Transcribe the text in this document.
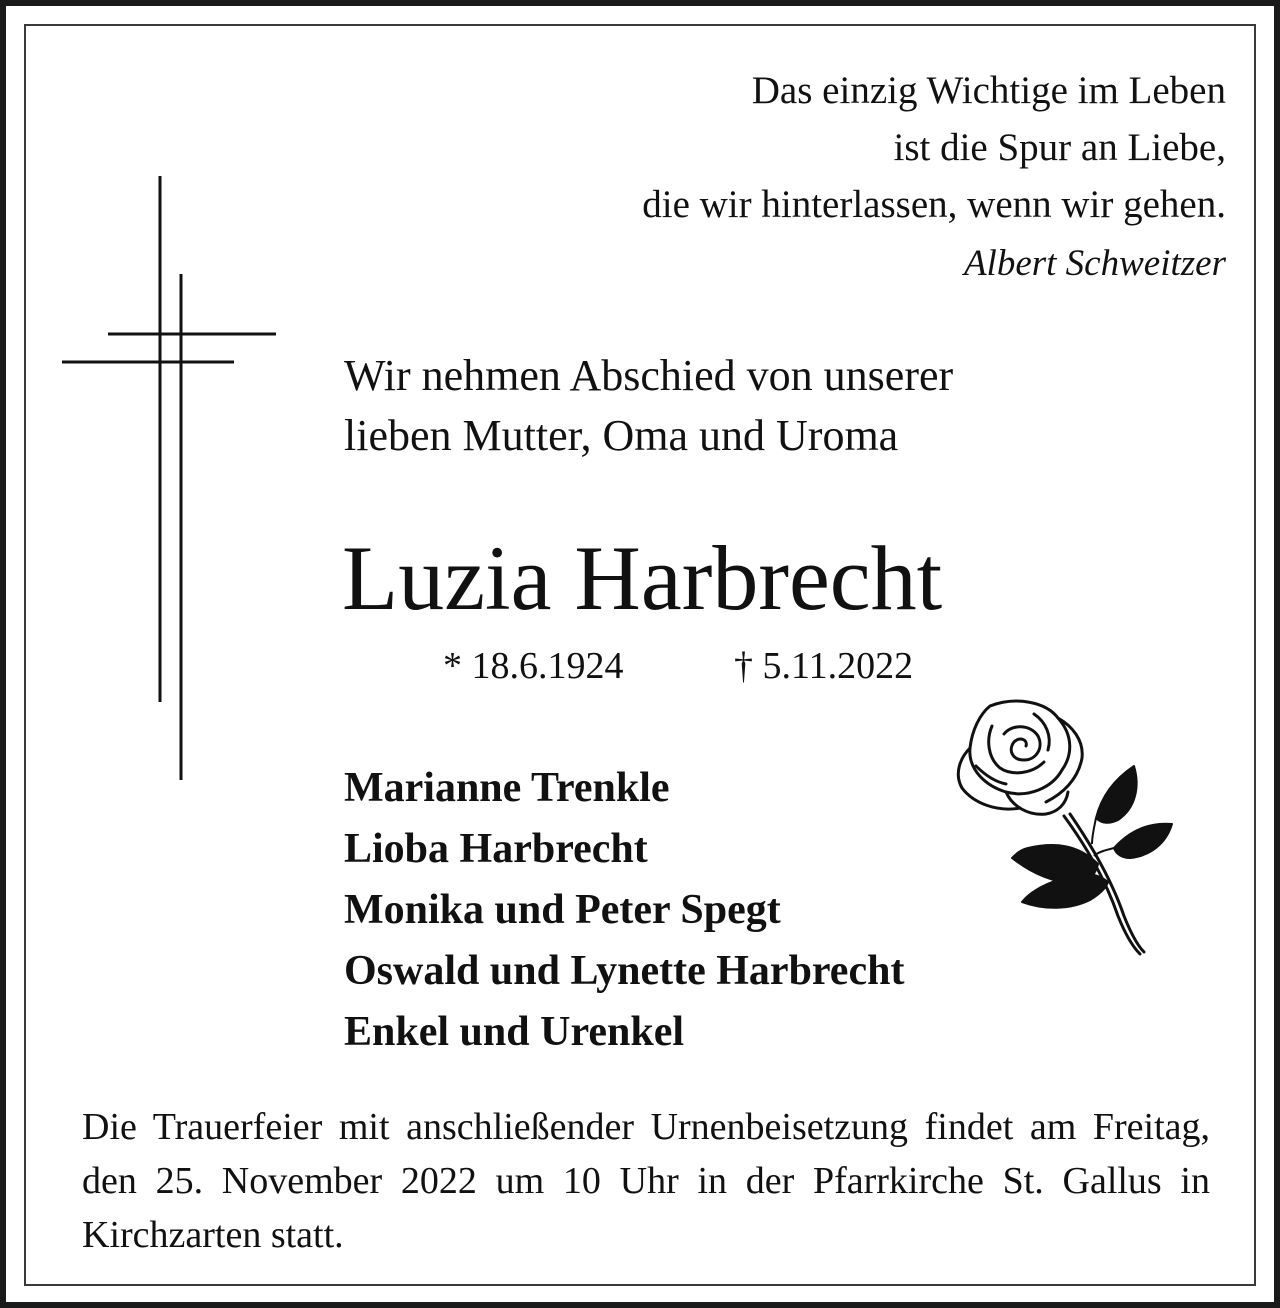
Das einzig Wichtige im Leben
ist die Spur an Liebe,
die wir hinterlassen, wenn wir gehen.
Albert Schweitzer
Wir nehmen Abschied von unserer
lieben Mutter, Oma und Uroma
Luzia Harbrecht
* 18.6.1924	† 5.11.2022
Marianne Trenkle
Lioba Harbrecht
Monika und Peter Spegt
Oswald und Lynette Harbrecht
Enkel und Urenkel
Die Trauerfeier mit anschließender Urnenbeisetzung findet am Freitag, den 25. November 2022 um 10 Uhr in der Pfarrkirche St. Gallus in Kirchzarten statt.
